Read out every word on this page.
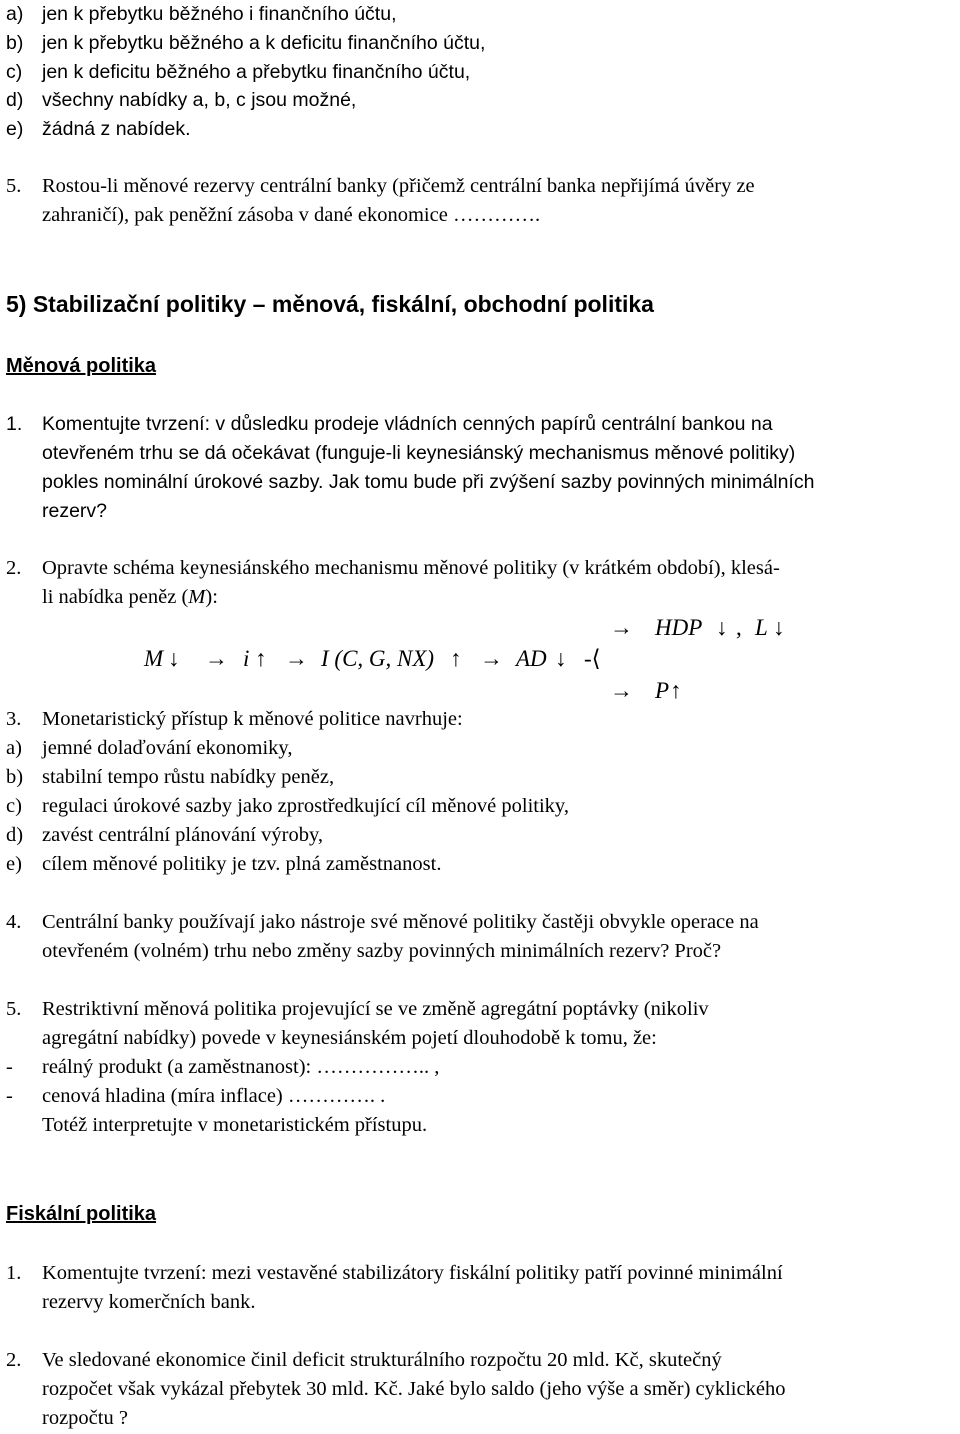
a) jen k přebytku běžného i finančního účtu,
b) jen k přebytku běžného a k deficitu finančního účtu,
c) jen k deficitu běžného a přebytku finančního účtu,
d) všechny nabídky a, b, c jsou možné,
e) žádná z nabídek.
5. Rostou-li měnové rezervy centrální banky (přičemž centrální banka nepřijímá úvěry ze
zahraničí), pak peněžní zásoba v dané ekonomice ………….
5) Stabilizační politiky – měnová, fiskální, obchodní politika
Měnová politika
1. Komentujte tvrzení: v důsledku prodeje vládních cenných papírů centrální bankou na
otevřeném trhu se dá očekávat (funguje-li keynesiánský mechanismus měnové politiky)
pokles nominální úrokové sazby. Jak tomu bude při zvýšení sazby povinných minimálních
rezerv?
2. Opravte schéma keynesiánského mechanismu měnové politiky (v krátkém období), klesá-
li nabídka peněz (M):
→ HDP ↓ , L ↓
M ↓ → i ↑ → I (C, G, NX) ↑ → AD ↓ -⟨
→ P ↑
3. Monetaristický přístup k měnové politice navrhuje:
a) jemné dolaďování ekonomiky,
b) stabilní tempo růstu nabídky peněz,
c) regulaci úrokové sazby jako zprostředkující cíl měnové politiky,
d) zavést centrální plánování výroby,
e) cílem měnové politiky je tzv. plná zaměstnanost.
4. Centrální banky používají jako nástroje své měnové politiky častěji obvykle operace na
otevřeném (volném) trhu nebo změny sazby povinných minimálních rezerv? Proč?
5. Restriktivní měnová politika projevující se ve změně agregátní poptávky (nikoliv
agregátní nabídky) povede v keynesiánském pojetí dlouhodobě k tomu, že:
- reálný produkt (a zaměstnanost): …………….. ,
- cenová hladina (míra inflace) …………. .
Totéž interpretujte v monetaristickém přístupu.
Fiskální politika
1. Komentujte tvrzení: mezi vestavěné stabilizátory fiskální politiky patří povinné minimální
rezervy komerčních bank.
2. Ve sledované ekonomice činil deficit strukturálního rozpočtu 20 mld. Kč, skutečný
rozpočet však vykázal přebytek 30 mld. Kč. Jaké bylo saldo (jeho výše a směr) cyklického
rozpočtu ?
